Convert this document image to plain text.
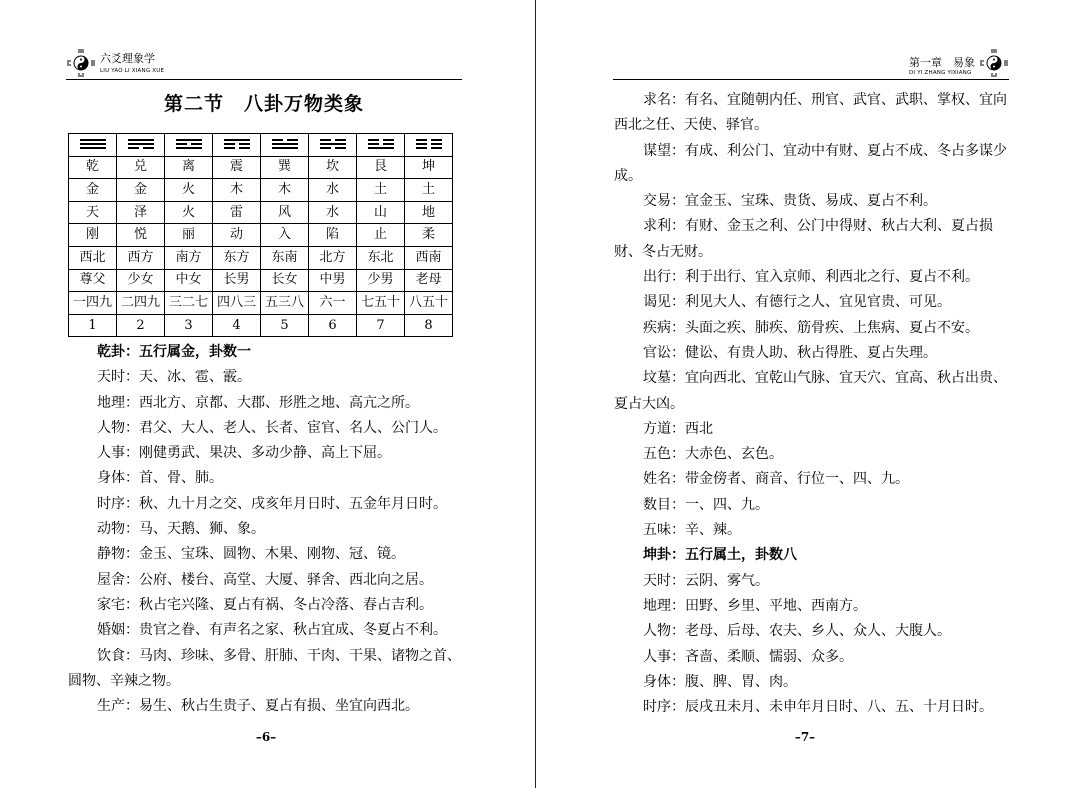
六爻理象学
LIU YAO LI XIANG XUE
第二节　八卦万物类象

乾	兑	离	震	巽	坎	艮	坤
金	金	火	木	木	水	土	土
天	泽	火	雷	风	水	山	地
刚	悦	丽	动	入	陷	止	柔
西北	西方	南方	东方	东南	北方	东北	西南
尊父	少女	中女	长男	长女	中男	少男	老母
一四九	二四九	三二七	四八三	五三八	六一	七五十	八五十
1	2	3	4	5	6	7	8

乾卦：五行属金，卦数一

天时：天、冰、雹、霰。

地理：西北方、京都、大郡、形胜之地、高亢之所。

人物：君父、大人、老人、长者、宦官、名人、公门人。

人事：刚健勇武、果决、多动少静、高上下屈。

身体：首、骨、肺。

时序：秋、九十月之交、戌亥年月日时、五金年月日时。

动物：马、天鹅、狮、象。

静物：金玉、宝珠、圆物、木果、刚物、冠、镜。

屋舍：公府、楼台、高堂、大厦、驿舍、西北向之居。

家宅：秋占宅兴隆、夏占有祸、冬占冷落、春占吉利。

婚姻：贵官之眷、有声名之家、秋占宜成、冬夏占不利。

饮食：马肉、珍味、多骨、肝肺、干肉、干果、诸物之首、圆物、辛辣之物。

生产：易生、秋占生贵子、夏占有损、坐宜向西北。

–6–
第一章　易象
DI YI ZHANG YIXIANG

求名：有名、宜随朝内任、刑官、武官、武职、掌权、宜向西北之任、天使、驿官。

谋望：有成、利公门、宜动中有财、夏占不成、冬占多谋少成。

交易：宜金玉、宝珠、贵货、易成、夏占不利。

求利：有财、金玉之利、公门中得财、秋占大利、夏占损财、冬占无财。

出行：利于出行、宜入京师、利西北之行、夏占不利。

谒见：利见大人、有德行之人、宜见官贵、可见。

疾病：头面之疾、肺疾、筋骨疾、上焦病、夏占不安。

官讼：健讼、有贵人助、秋占得胜、夏占失理。

坟墓：宜向西北、宜乾山气脉、宜天穴、宜高、秋占出贵、夏占大凶。

方道：西北

五色：大赤色、玄色。

姓名：带金傍者、商音、行位一、四、九。

数目：一、四、九。

五味：辛、辣。

坤卦：五行属土，卦数八

天时：云阴、雾气。

地理：田野、乡里、平地、西南方。

人物：老母、后母、农夫、乡人、众人、大腹人。

人事：吝啬、柔顺、懦弱、众多。

身体：腹、脾、胃、肉。

时序：辰戌丑未月、未申年月日时、八、五、十月日时。

–7–
